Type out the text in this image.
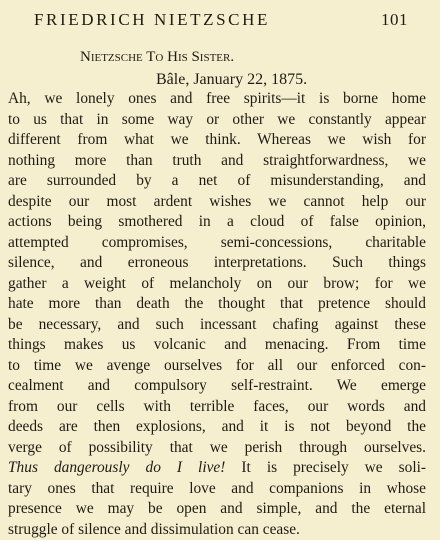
FRIEDRICH NIETZSCHE	101
Nietzsche To His Sister.
Bâle, January 22, 1875.
Ah, we lonely ones and free spirits—it is borne home
to us that in some way or other we constantly appear
different from what we think. Whereas we wish for
nothing more than truth and straightforwardness, we
are surrounded by a net of misunderstanding, and
despite our most ardent wishes we cannot help our
actions being smothered in a cloud of false opinion,
attempted compromises, semi-concessions, charitable
silence, and erroneous interpretations. Such things
gather a weight of melancholy on our brow; for we
hate more than death the thought that pretence should
be necessary, and such incessant chafing against these
things makes us volcanic and menacing. From time
to time we avenge ourselves for all our enforced con-
cealment and compulsory self-restraint. We emerge
from our cells with terrible faces, our words and
deeds are then explosions, and it is not beyond the
verge of possibility that we perish through ourselves.
Thus dangerously do I live! It is precisely we soli-
tary ones that require love and companions in whose
presence we may be open and simple, and the eternal
struggle of silence and dissimulation can cease.
